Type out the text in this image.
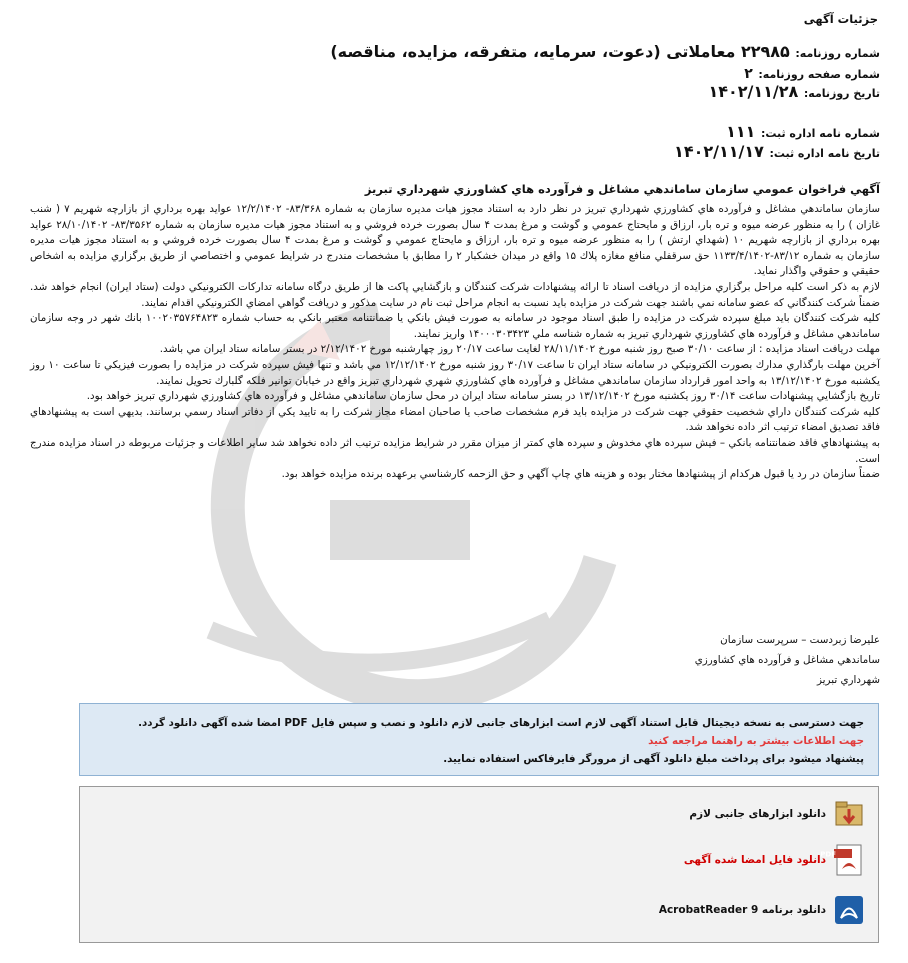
جزئیات آگهی
شماره روزنامه: ۲۲۹۸۵ معاملاتی (دعوت، سرمایه، متفرقه، مزایده، مناقصه)
شماره صفحه روزنامه: ۲
تاریخ روزنامه: ۱۴۰۲/۱۱/۲۸
شماره نامه اداره ثبت: ۱۱۱
تاریخ نامه اداره ثبت: ۱۴۰۲/۱۱/۱۷
آگهي فراخوان عمومي سازمان ساماندهي مشاغل و فرآورده هاي كشاورزي شهرداري تبريز

سازمان ساماندهي مشاغل و فرآورده هاي كشاورزي شهرداري تبريز در نظر دارد به استناد مجوز هيات مديره سازمان به شماره ۸۳/۳۶۸- ۱۲/۲/۱۴۰۲ عوايد بهره برداري از بازارچه شهريم ۷ ( شنب غازان ) را به منظور عرضه ميوه و تره بار، ارزاق و مايحتاج عمومي و گوشت و مرغ بمدت ۴ سال بصورت خرده فروشي و به استناد مجوز هيات مديره سازمان به شماره ۸۳/۳۵۶۲- ۲۸/۱۰/۱۴۰۲ عوايد بهره برداري از بازارچه شهريم ۱۰ (شهداي ارتش ) را به منظور عرضه ميوه و تره بار، ارزاق و مايحتاج عمومي و گوشت و مرغ بمدت ۴ سال بصورت خرده فروشي و به استناد مجوز هيات مديره سازمان به شماره ۸۳/۱۲-۱۱۳۳/۴/۱۴۰۲ حق سرقفلي منافع مغازه پلاك ۱۵ واقع در ميدان خشكبار ۲ را مطابق با مشخصات مندرج در شرايط عمومي و اختصاصي از طريق برگزاري مزايده به اشخاص حقيقي و حقوقي واگذار نمايد.

لازم به ذكر است كليه مراحل برگزاري مزايده از دريافت اسناد تا ارائه پيشنهادات شركت كنندگان و بازگشايي پاكت ها از طريق درگاه سامانه تداركات الكترونيكي دولت (ستاد ايران) انجام خواهد شد. ضمناً شركت كنندگاني كه عضو سامانه نمي باشند جهت شركت در مزايده بايد نسبت به انجام مراحل ثبت نام در سايت مذكور و دريافت گواهي امضاي الكترونيكي اقدام نمايند.

كليه شركت كنندگان بايد مبلغ سپرده شركت در مزايده را طبق اسناد موجود در سامانه به صورت فيش بانكي يا ضمانتنامه معتبر بانكي به حساب شماره ۱۰۰۲۰۳۵۷۶۴۸۲۳ بانك شهر در وجه سازمان ساماندهي مشاغل و فرآورده هاي كشاورزي شهرداري تبريز به شماره شناسه ملي ۱۴۰۰۰۳۰۳۴۲۳ واريز نمايند.

مهلت دريافت اسناد مزايده : از ساعت ۳۰/۱۰ صبح روز شنبه مورخ ۲۸/۱۱/۱۴۰۲ لغايت ساعت ۲۰/۱۷ روز چهارشنبه مورخ ۲/۱۲/۱۴۰۲ در بستر سامانه ستاد ايران مي باشد.

آخرين مهلت بارگذاري مدارك بصورت الكترونيكي در سامانه ستاد ايران تا ساعت ۳۰/۱۷ روز شنبه مورخ ۱۲/۱۲/۱۴۰۲ مي باشد و تنها فيش سپرده شركت در مزايده را بصورت فيزيكي تا ساعت ۱۰ روز يكشنبه مورخ ۱۳/۱۲/۱۴۰۲ به واحد امور قرارداد سازمان ساماندهي مشاغل و فرآورده هاي كشاورزي شهري شهرداري تبريز واقع در خيابان توانير فلكه گلبارك تحويل نمايند.

تاريخ بازگشايي پيشنهادات ساعت ۳۰/۱۴ روز يكشنبه مورخ ۱۳/۱۲/۱۴۰۲ در بستر سامانه ستاد ايران در محل سازمان ساماندهي مشاغل و فرآورده هاي كشاورزي شهرداري تبريز خواهد بود.

كليه شركت كنندگان داراي شخصيت حقوقي جهت شركت در مزايده بايد فرم مشخصات صاحب يا صاحبان امضاء مجاز شركت را به تاييد يكي از دفاتر اسناد رسمي برسانند. بديهي است به پيشنهادهاي فاقد تصديق امضاء ترتيب اثر داده نخواهد شد.

به پيشنهادهاي فاقد ضمانتنامه بانكي – فيش سپرده هاي مخدوش و سپرده هاي كمتر از ميزان مقرر در شرايط مزايده ترتيب اثر داده نخواهد شد ساير اطلاعات و جزئيات مربوطه در اسناد مزايده مندرج است.

ضمناً سازمان در رد يا قبول هركدام از پيشنهادها مختار بوده و هزينه هاي چاپ آگهي و حق الزحمه كارشناسي برعهده برنده مزايده خواهد بود.

عليرضا زبردست – سرپرست سازمان
ساماندهي مشاغل و فرآورده هاي كشاورزي
شهرداري تبريز
جهت دسترسی به نسخه دیجیتال قابل استناد آگهی لازم است ابزارهای جانبی لازم دانلود و نصب و سپس فایل PDF امضا شده آگهی دانلود گردد.
جهت اطلاعات بیشتر به راهنما مراجعه کنید
پیشنهاد میشود برای پرداخت مبلغ دانلود آگهی از مرورگر فایرفاکس استفاده نمایید.
دانلود ابزارهای جانبی لازم
PDF
دانلود فایل امضا شده آگهی
دانلود برنامه AcrobatReader 9
